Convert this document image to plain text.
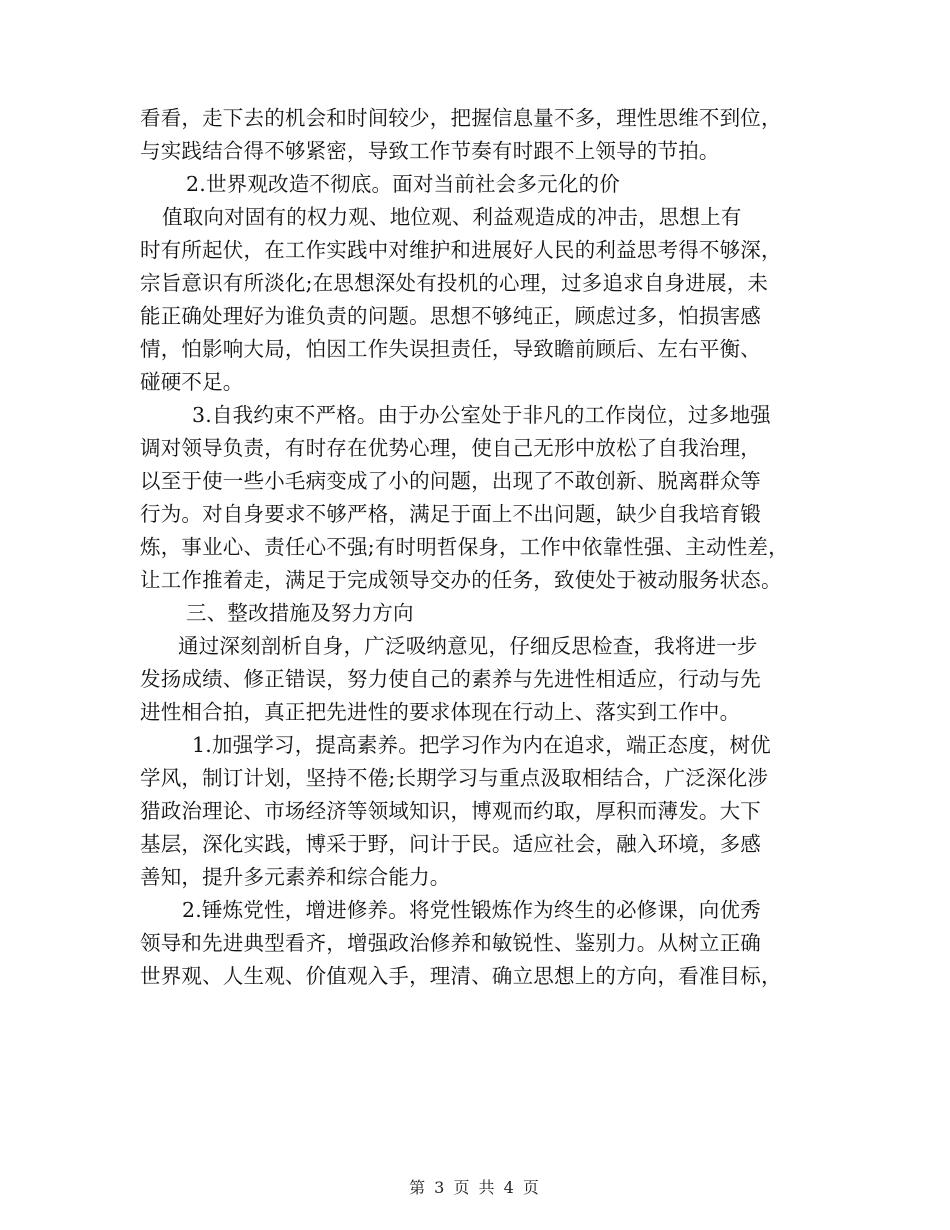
看看，走下去的机会和时间较少，把握信息量不多，理性思维不到位，
与实践结合得不够紧密，导致工作节奏有时跟不上领导的节拍。
2.世界观改造不彻底。面对当前社会多元化的价
值取向对固有的权力观、地位观、利益观造成的冲击，思想上有
时有所起伏，在工作实践中对维护和进展好人民的利益思考得不够深，
宗旨意识有所淡化;在思想深处有投机的心理，过多追求自身进展，未
能正确处理好为谁负责的问题。思想不够纯正，顾虑过多，怕损害感
情，怕影响大局，怕因工作失误担责任，导致瞻前顾后、左右平衡、
碰硬不足。
3.自我约束不严格。由于办公室处于非凡的工作岗位，过多地强
调对领导负责，有时存在优势心理，使自己无形中放松了自我治理，
以至于使一些小毛病变成了小的问题，出现了不敢创新、脱离群众等
行为。对自身要求不够严格，满足于面上不出问题，缺少自我培育锻
炼，事业心、责任心不强;有时明哲保身，工作中依靠性强、主动性差，
让工作推着走，满足于完成领导交办的任务，致使处于被动服务状态。
三、整改措施及努力方向
通过深刻剖析自身，广泛吸纳意见，仔细反思检查，我将进一步
发扬成绩、修正错误，努力使自己的素养与先进性相适应，行动与先
进性相合拍，真正把先进性的要求体现在行动上、落实到工作中。
1.加强学习，提高素养。把学习作为内在追求，端正态度，树优
学风，制订计划，坚持不倦;长期学习与重点汲取相结合，广泛深化涉
猎政治理论、市场经济等领域知识，博观而约取，厚积而薄发。大下
基层，深化实践，博采于野，问计于民。适应社会，融入环境，多感
善知，提升多元素养和综合能力。
2.锤炼党性，增进修养。将党性锻炼作为终生的必修课，向优秀
领导和先进典型看齐，增强政治修养和敏锐性、鉴别力。从树立正确
世界观、人生观、价值观入手，理清、确立思想上的方向，看准目标，
第 3 页 共 4 页
